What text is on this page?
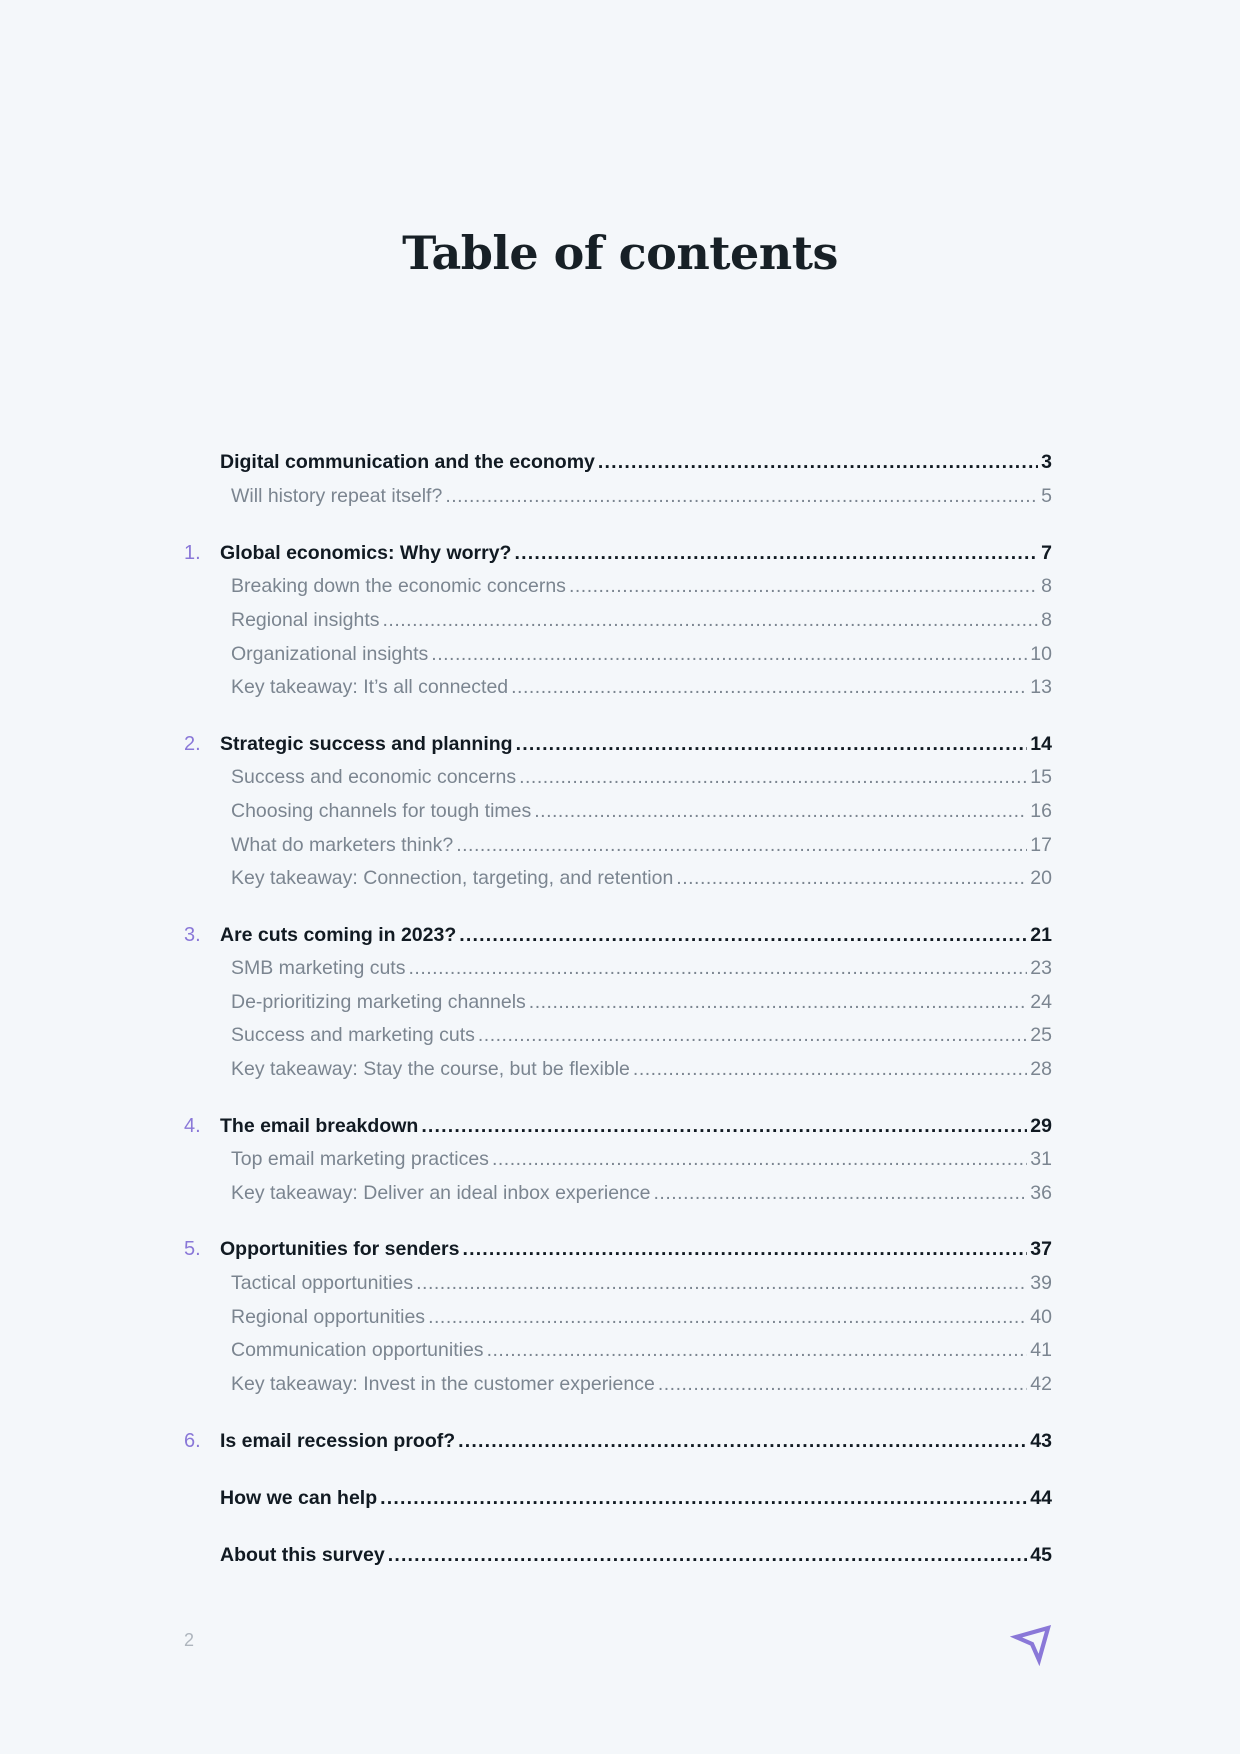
Table of contents
Digital communication and the economy .....	3
Will history repeat itself? .....	5
1. Global economics: Why worry? .....	7
Breaking down the economic concerns .....	8
Regional insights .....	8
Organizational insights .....	10
Key takeaway: It’s all connected .....	13
2. Strategic success and planning .....	14
Success and economic concerns .....	15
Choosing channels for tough times .....	16
What do marketers think? .....	17
Key takeaway: Connection, targeting, and retention .....	20
3. Are cuts coming in 2023? .....	21
SMB marketing cuts .....	23
De-prioritizing marketing channels .....	24
Success and marketing cuts .....	25
Key takeaway: Stay the course, but be flexible .....	28
4. The email breakdown .....	29
Top email marketing practices .....	31
Key takeaway: Deliver an ideal inbox experience .....	36
5. Opportunities for senders .....	37
Tactical opportunities .....	39
Regional opportunities .....	40
Communication opportunities .....	41
Key takeaway: Invest in the customer experience .....	42
6. Is email recession proof? .....	43
How we can help .....	44
About this survey .....	45
2
